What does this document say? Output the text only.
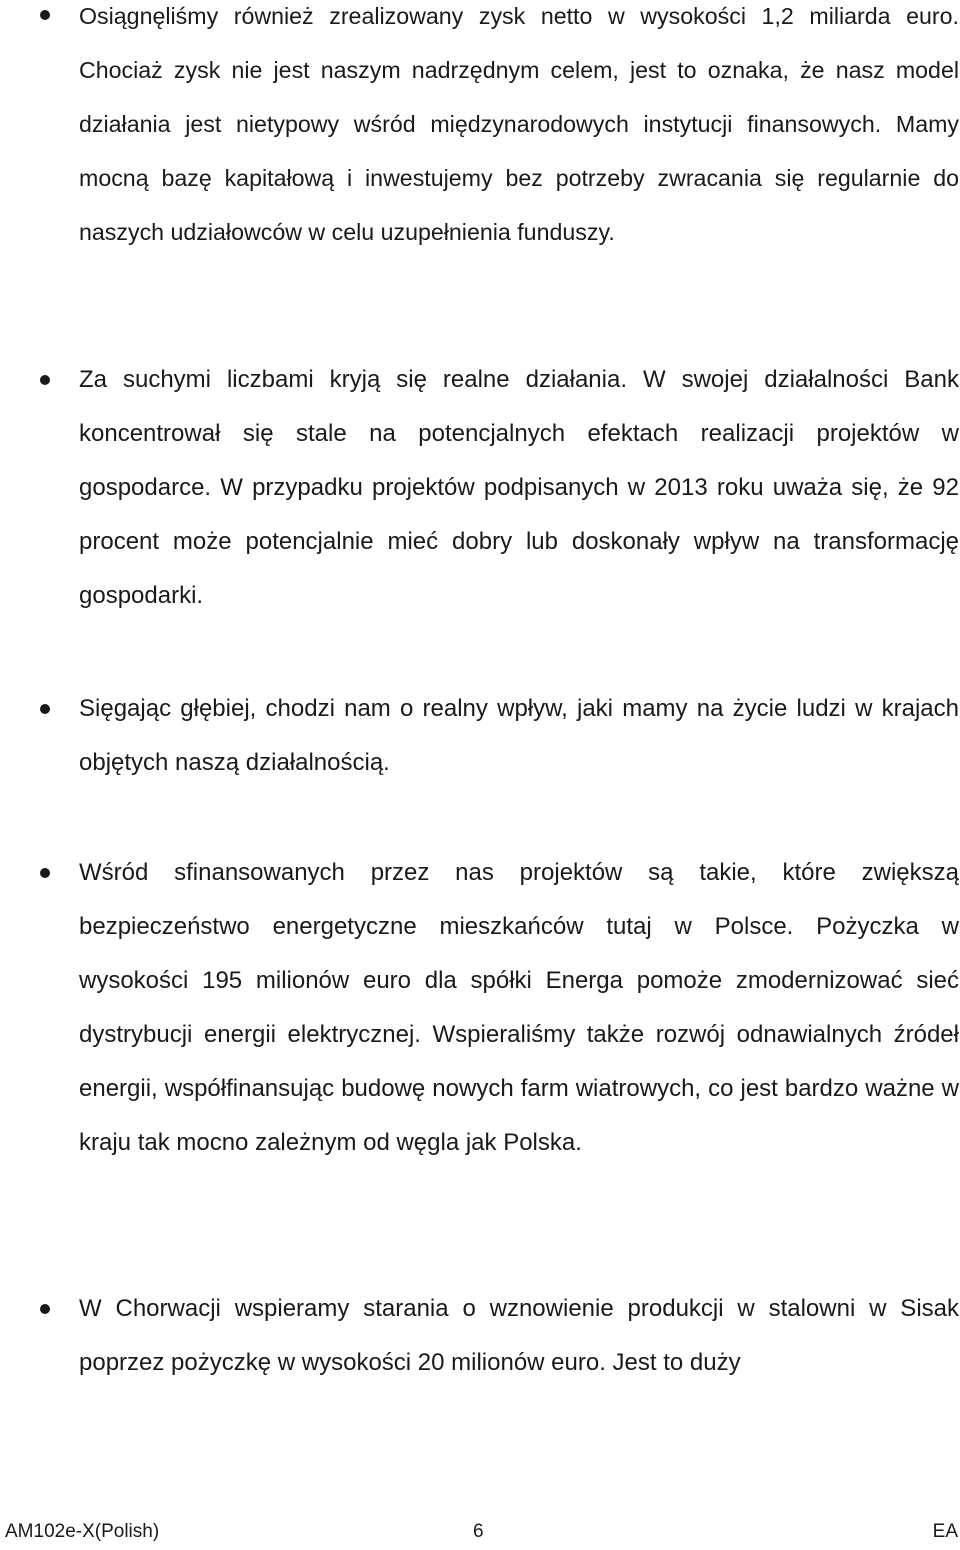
Osiągnęliśmy również zrealizowany zysk netto w wysokości 1,2 miliarda euro. Chociaż zysk nie jest naszym nadrzędnym celem, jest to oznaka, że nasz model działania jest nietypowy wśród międzynarodowych instytucji finansowych. Mamy mocną bazę kapitałową i inwestujemy bez potrzeby zwracania się regularnie do naszych udziałowców w celu uzupełnienia funduszy.

Za suchymi liczbami kryją się realne działania. W swojej działalności Bank koncentrował się stale na potencjalnych efektach realizacji projektów w gospodarce. W przypadku projektów podpisanych w 2013 roku uważa się, że 92 procent może potencjalnie mieć dobry lub doskonały wpływ na transformację gospodarki.

Sięgając głębiej, chodzi nam o realny wpływ, jaki mamy na życie ludzi w krajach objętych naszą działalnością.

Wśród sfinansowanych przez nas projektów są takie, które zwiększą bezpieczeństwo energetyczne mieszkańców tutaj w Polsce. Pożyczka w wysokości 195 milionów euro dla spółki Energa pomoże zmodernizować sieć dystrybucji energii elektrycznej. Wspieraliśmy także rozwój odnawialnych źródeł energii, współfinansując budowę nowych farm wiatrowych, co jest bardzo ważne w kraju tak mocno zależnym od węgla jak Polska.

W Chorwacji wspieramy starania o wznowienie produkcji w stalowni w Sisak poprzez pożyczkę w wysokości 20 milionów euro. Jest to duży

AM102e-X(Polish)	6	EA
